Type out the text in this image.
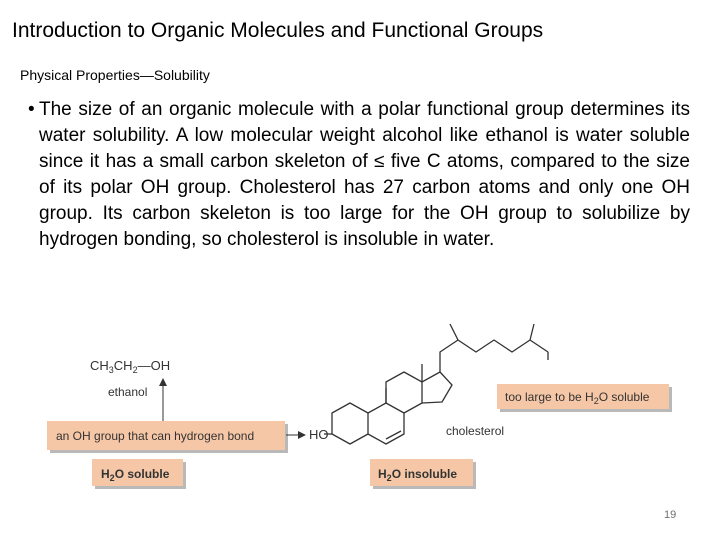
Introduction to Organic Molecules and Functional Groups
Physical Properties—Solubility
• The size of an organic molecule with a polar functional group determines its water solubility. A low molecular weight alcohol like ethanol is water soluble since it has a small carbon skeleton of ≤ five C atoms, compared to the size of its polar OH group. Cholesterol has 27 carbon atoms and only one OH group. Its carbon skeleton is too large for the OH group to solubilize by hydrogen bonding, so cholesterol is insoluble in water.
$CH_3CH_2—OH$
ethanol
an OH group that can hydrogen bond	HO
$H_2O$ soluble	$H_2O$ insoluble
too large to be $H_2O$ soluble
cholesterol
19
